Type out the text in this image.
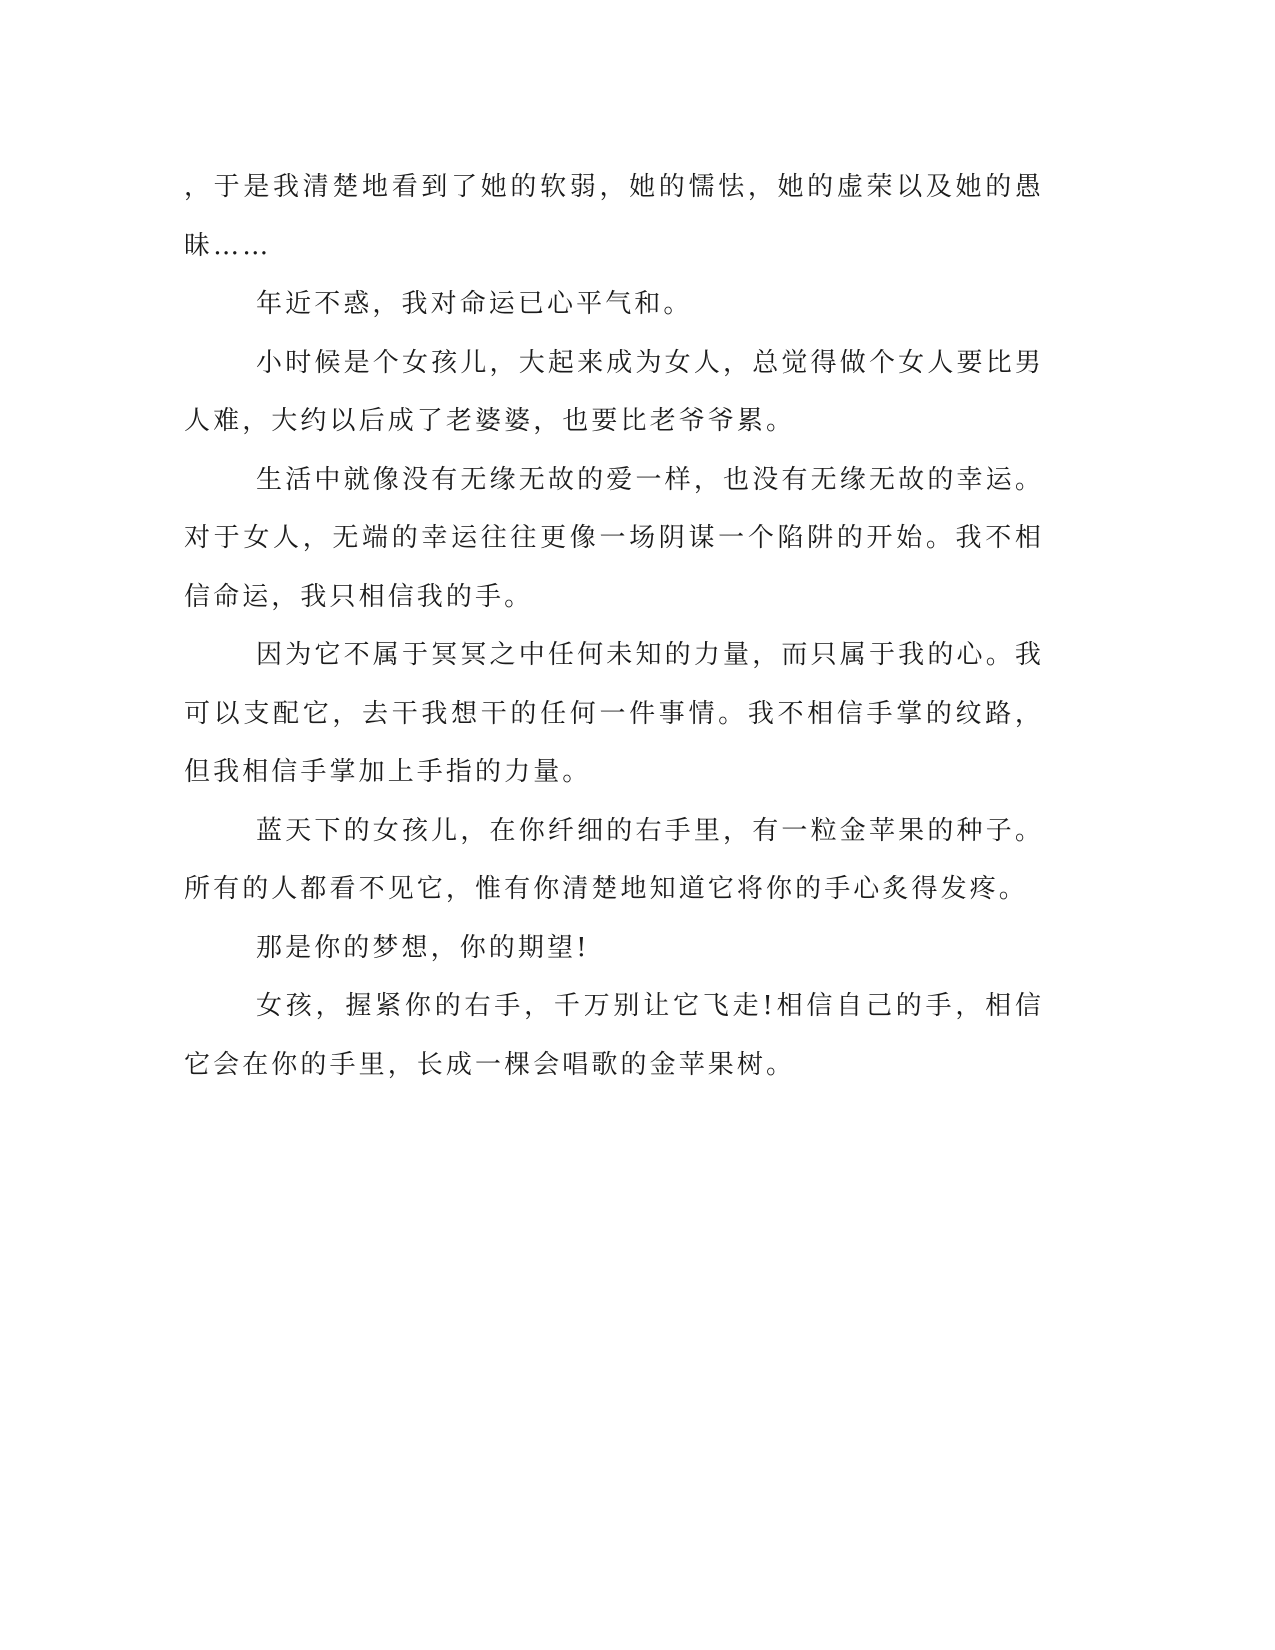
，于是我清楚地看到了她的软弱，她的懦怯，她的虚荣以及她的愚昧……

年近不惑，我对命运已心平气和。

小时候是个女孩儿，大起来成为女人，总觉得做个女人要比男人难，大约以后成了老婆婆，也要比老爷爷累。

生活中就像没有无缘无故的爱一样，也没有无缘无故的幸运。对于女人，无端的幸运往往更像一场阴谋一个陷阱的开始。我不相信命运，我只相信我的手。

因为它不属于冥冥之中任何未知的力量，而只属于我的心。我可以支配它，去干我想干的任何一件事情。我不相信手掌的纹路，但我相信手掌加上手指的力量。

蓝天下的女孩儿，在你纤细的右手里，有一粒金苹果的种子。所有的人都看不见它，惟有你清楚地知道它将你的手心炙得发疼。

那是你的梦想，你的期望!

女孩，握紧你的右手，千万别让它飞走!相信自己的手，相信它会在你的手里，长成一棵会唱歌的金苹果树。
